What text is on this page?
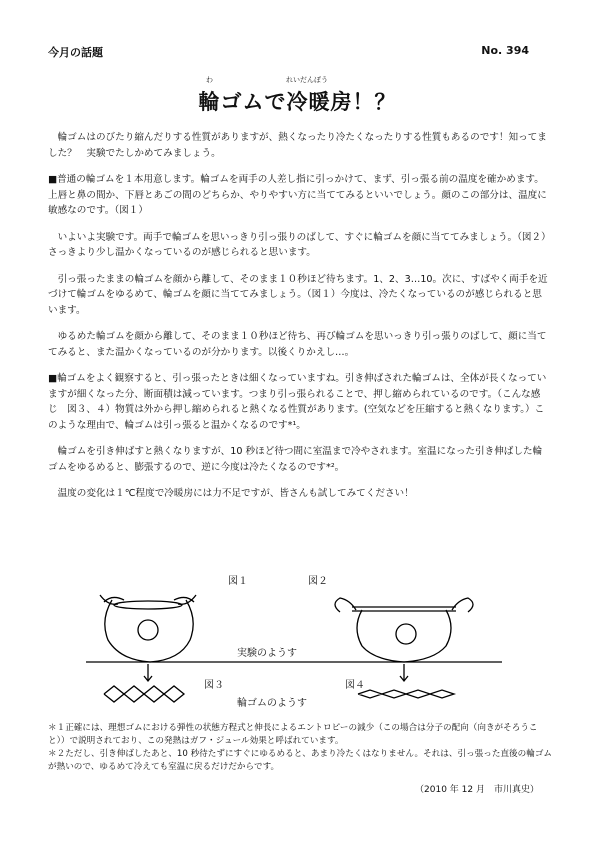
今月の話題	No. 394
わ	れいだんぼう
輪ゴムで冷暖房！？

輪ゴムはのびたり縮んだりする性質がありますが、熱くなったり冷たくなったりする性質もあるのです！知ってました？　実験でたしかめてみましょう。

■普通の輪ゴムを１本用意します。輪ゴムを両手の人差し指に引っかけて、まず、引っ張る前の温度を確かめます。上唇と鼻の間か、下唇とあごの間のどちらか、やりやすい方に当ててみるといいでしょう。顔のこの部分は、温度に敏感なのです。（図１）

いよいよ実験です。両手で輪ゴムを思いっきり引っ張りのばして、すぐに輪ゴムを顔に当ててみましょう。（図２）さっきより少し温かくなっているのが感じられると思います。

引っ張ったままの輪ゴムを顔から離して、そのまま１０秒ほど待ちます。1、2、3…10。次に、すばやく両手を近づけて輪ゴムをゆるめて、輪ゴムを顔に当ててみましょう。（図１）今度は、冷たくなっているのが感じられると思います。

ゆるめた輪ゴムを顔から離して、そのまま１０秒ほど待ち、再び輪ゴムを思いっきり引っ張りのばして、顔に当ててみると、また温かくなっているのが分かります。以後くりかえし…。

■輪ゴムをよく観察すると、引っ張ったときは細くなっていますね。引き伸ばされた輪ゴムは、全体が長くなっていますが細くなった分、断面積は減っています。つまり引っ張られることで、押し縮められているのです。（こんな感じ　図３、４）物質は外から押し縮められると熱くなる性質があります。(空気などを圧縮すると熱くなります。）このような理由で、輪ゴムは引っ張ると温かくなるのです*¹。

輪ゴムを引き伸ばすと熱くなりますが、10 秒ほど待つ間に室温まで冷やされます。室温になった引き伸ばした輪ゴムをゆるめると、膨張するので、逆に今度は冷たくなるのです*²。

温度の変化は１℃程度で冷暖房には力不足ですが、皆さんも試してみてください！

図１	図２
実験のようす
図３	図４
輪ゴムのようす

＊１正確には、理想ゴムにおける弾性の状態方程式と伸長によるエントロピーの減少（この場合は分子の配向（向きがそろうこと））で説明されており、この発熱はガフ・ジュール効果と呼ばれています。

＊２ただし、引き伸ばしたあと、10 秒待たずにすぐにゆるめると、あまり冷たくはなりません。それは、引っ張った直後の輪ゴムが熱いので、ゆるめて冷えても室温に戻るだけだからです。

（2010 年 12 月　市川真史）
